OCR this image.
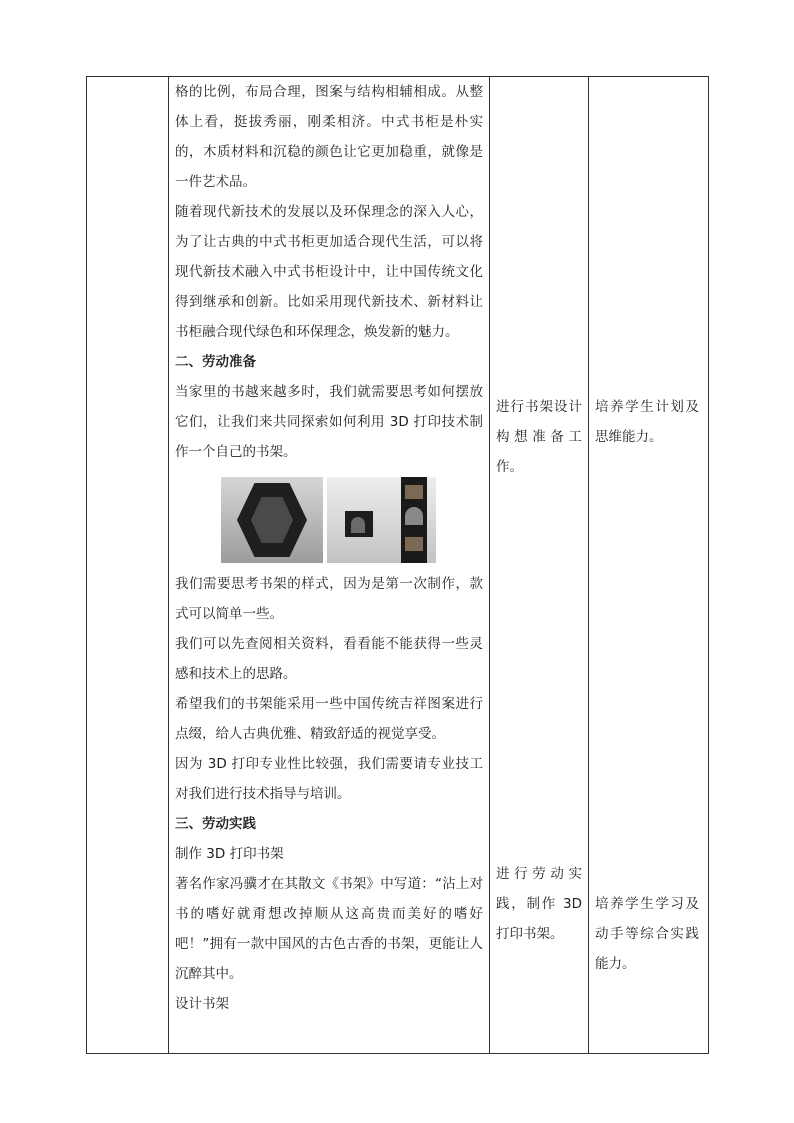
格的比例，布局合理，图案与结构相辅相成。从整体上看，挺拔秀丽，刚柔相济。中式书柜是朴实的，木质材料和沉稳的颜色让它更加稳重，就像是一件艺术品。

随着现代新技术的发展以及环保理念的深入人心，为了让古典的中式书柜更加适合现代生活，可以将现代新技术融入中式书柜设计中，让中国传统文化得到继承和创新。比如采用现代新技术、新材料让书柜融合现代绿色和环保理念，焕发新的魅力。

二、劳动准备

当家里的书越来越多时，我们就需要思考如何摆放它们，让我们来共同探索如何利用 3D 打印技术制作一个自己的书架。

我们需要思考书架的样式，因为是第一次制作，款式可以简单一些。

我们可以先查阅相关资料，看看能不能获得一些灵感和技术上的思路。

希望我们的书架能采用一些中国传统吉祥图案进行点缀，给人古典优雅、精致舒适的视觉享受。

因为 3D 打印专业性比较强，我们需要请专业技工对我们进行技术指导与培训。

三、劳动实践

制作 3D 打印书架

著名作家冯骥才在其散文《书架》中写道：“沾上对书的嗜好就甭想改掉顺从这高贵而美好的嗜好吧！”拥有一款中国风的古色古香的书架，更能让人沉醉其中。

设计书架

进行书架设计构想准备工作。

进行劳动实践，制作 3D 打印书架。

培养学生计划及思维能力。

培养学生学习及动手等综合实践能力。
